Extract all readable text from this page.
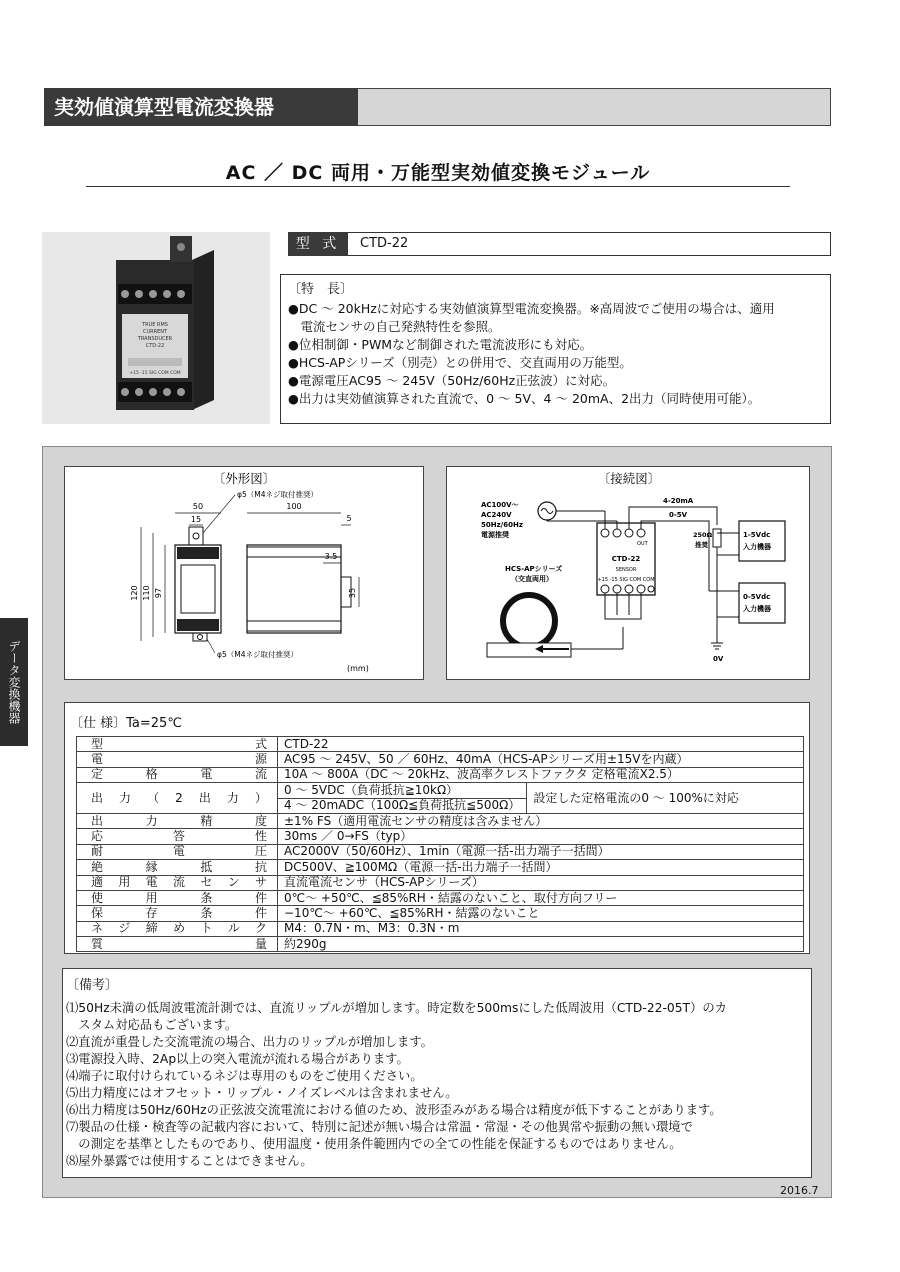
実効値演算型電流変換器
AC ／ DC 両用・万能型実効値変換モジュール
TRUE RMS
CURRENT
TRANSDUCER
CTD-22
+15 -15 SIG COM COM
型 式	CTD-22
〔特　長〕
●DC ～ 20kHzに対応する実効値演算型電流変換器。※高周波でご使用の場合は、適用
　電流センサの自己発熱特性を参照。
●位相制御・PWMなど制御された電流波形にも対応。
●HCS-APシリーズ（別売）との併用で、交直両用の万能型。
●電源電圧AC95 ～ 245V（50Hz/60Hz正弦波）に対応。
●出力は実効値演算された直流で、0 ～ 5V、4 ～ 20mA、2出力（同時使用可能）。
データ変換機器
〔外形図〕
120 110 97
50
15
φ5（M4ネジ取付推奨）
100
5
3.5
35
φ5（M4ネジ取付推奨）
(mm)
〔接続図〕
AC100V～
AC240V
50Hz/60Hz
電源推奨
OUT
CTD-22
SENSOR
+15 -15 SIG COM COM
4-20mA
0-5V
250Ω
推奨
1-5Vdc
入力機器
0-5Vdc
入力機器
0V
HCS-APシリーズ
（交直両用）
〔仕 様〕Ta=25℃
型式	CTD-22	
電源	AC95 ～ 245V、50 ／ 60Hz、40mA（HCS-APシリーズ用±15Vを内蔵）	
定格電流	10A ～ 800A（DC ～ 20kHz、波高率クレストファクタ 定格電流X2.5）	
出力（2出力）	0 ～ 5VDC（負荷抵抗≧10kΩ）	設定した定格電流の0 ～ 100%に対応
	4 ～ 20mADC（100Ω≦負荷抵抗≦500Ω）	
出力精度	±1% FS（適用電流センサの精度は含みません）	
応答性	30ms ／ 0→FS（typ）	
耐電圧	AC2000V（50/60Hz）、1min（電源一括-出力端子一括間）	
絶縁抵抗	DC500V、≧100MΩ（電源一括-出力端子一括間）	
適用電流センサ	直流電流センサ（HCS-APシリーズ）	
使用条件	0℃～ +50℃、≦85%RH・結露のないこと、取付方向フリー	
保存条件	−10℃～ +60℃、≦85%RH・結露のないこと	
ネジ締めトルク	M4：0.7N・m、M3：0.3N・m	
質量	約290g	
〔備考〕
⑴50Hz未満の低周波電流計測では、直流リップルが増加します。時定数を500msにした低周波用（CTD-22-05T）のカ
　スタム対応品もございます。
⑵直流が重畳した交流電流の場合、出力のリップルが増加します。
⑶電源投入時、2Ap以上の突入電流が流れる場合があります。
⑷端子に取付けられているネジは専用のものをご使用ください。
⑸出力精度にはオフセット・リップル・ノイズレベルは含まれません。
⑹出力精度は50Hz/60Hzの正弦波交流電流における値のため、波形歪みがある場合は精度が低下することがあります。
⑺製品の仕様・検査等の記載内容において、特別に記述が無い場合は常温・常湿・その他異常や振動の無い環境で
　の測定を基準としたものであり、使用温度・使用条件範囲内での全ての性能を保証するものではありません。
⑻屋外暴露では使用することはできません。
2016.7
